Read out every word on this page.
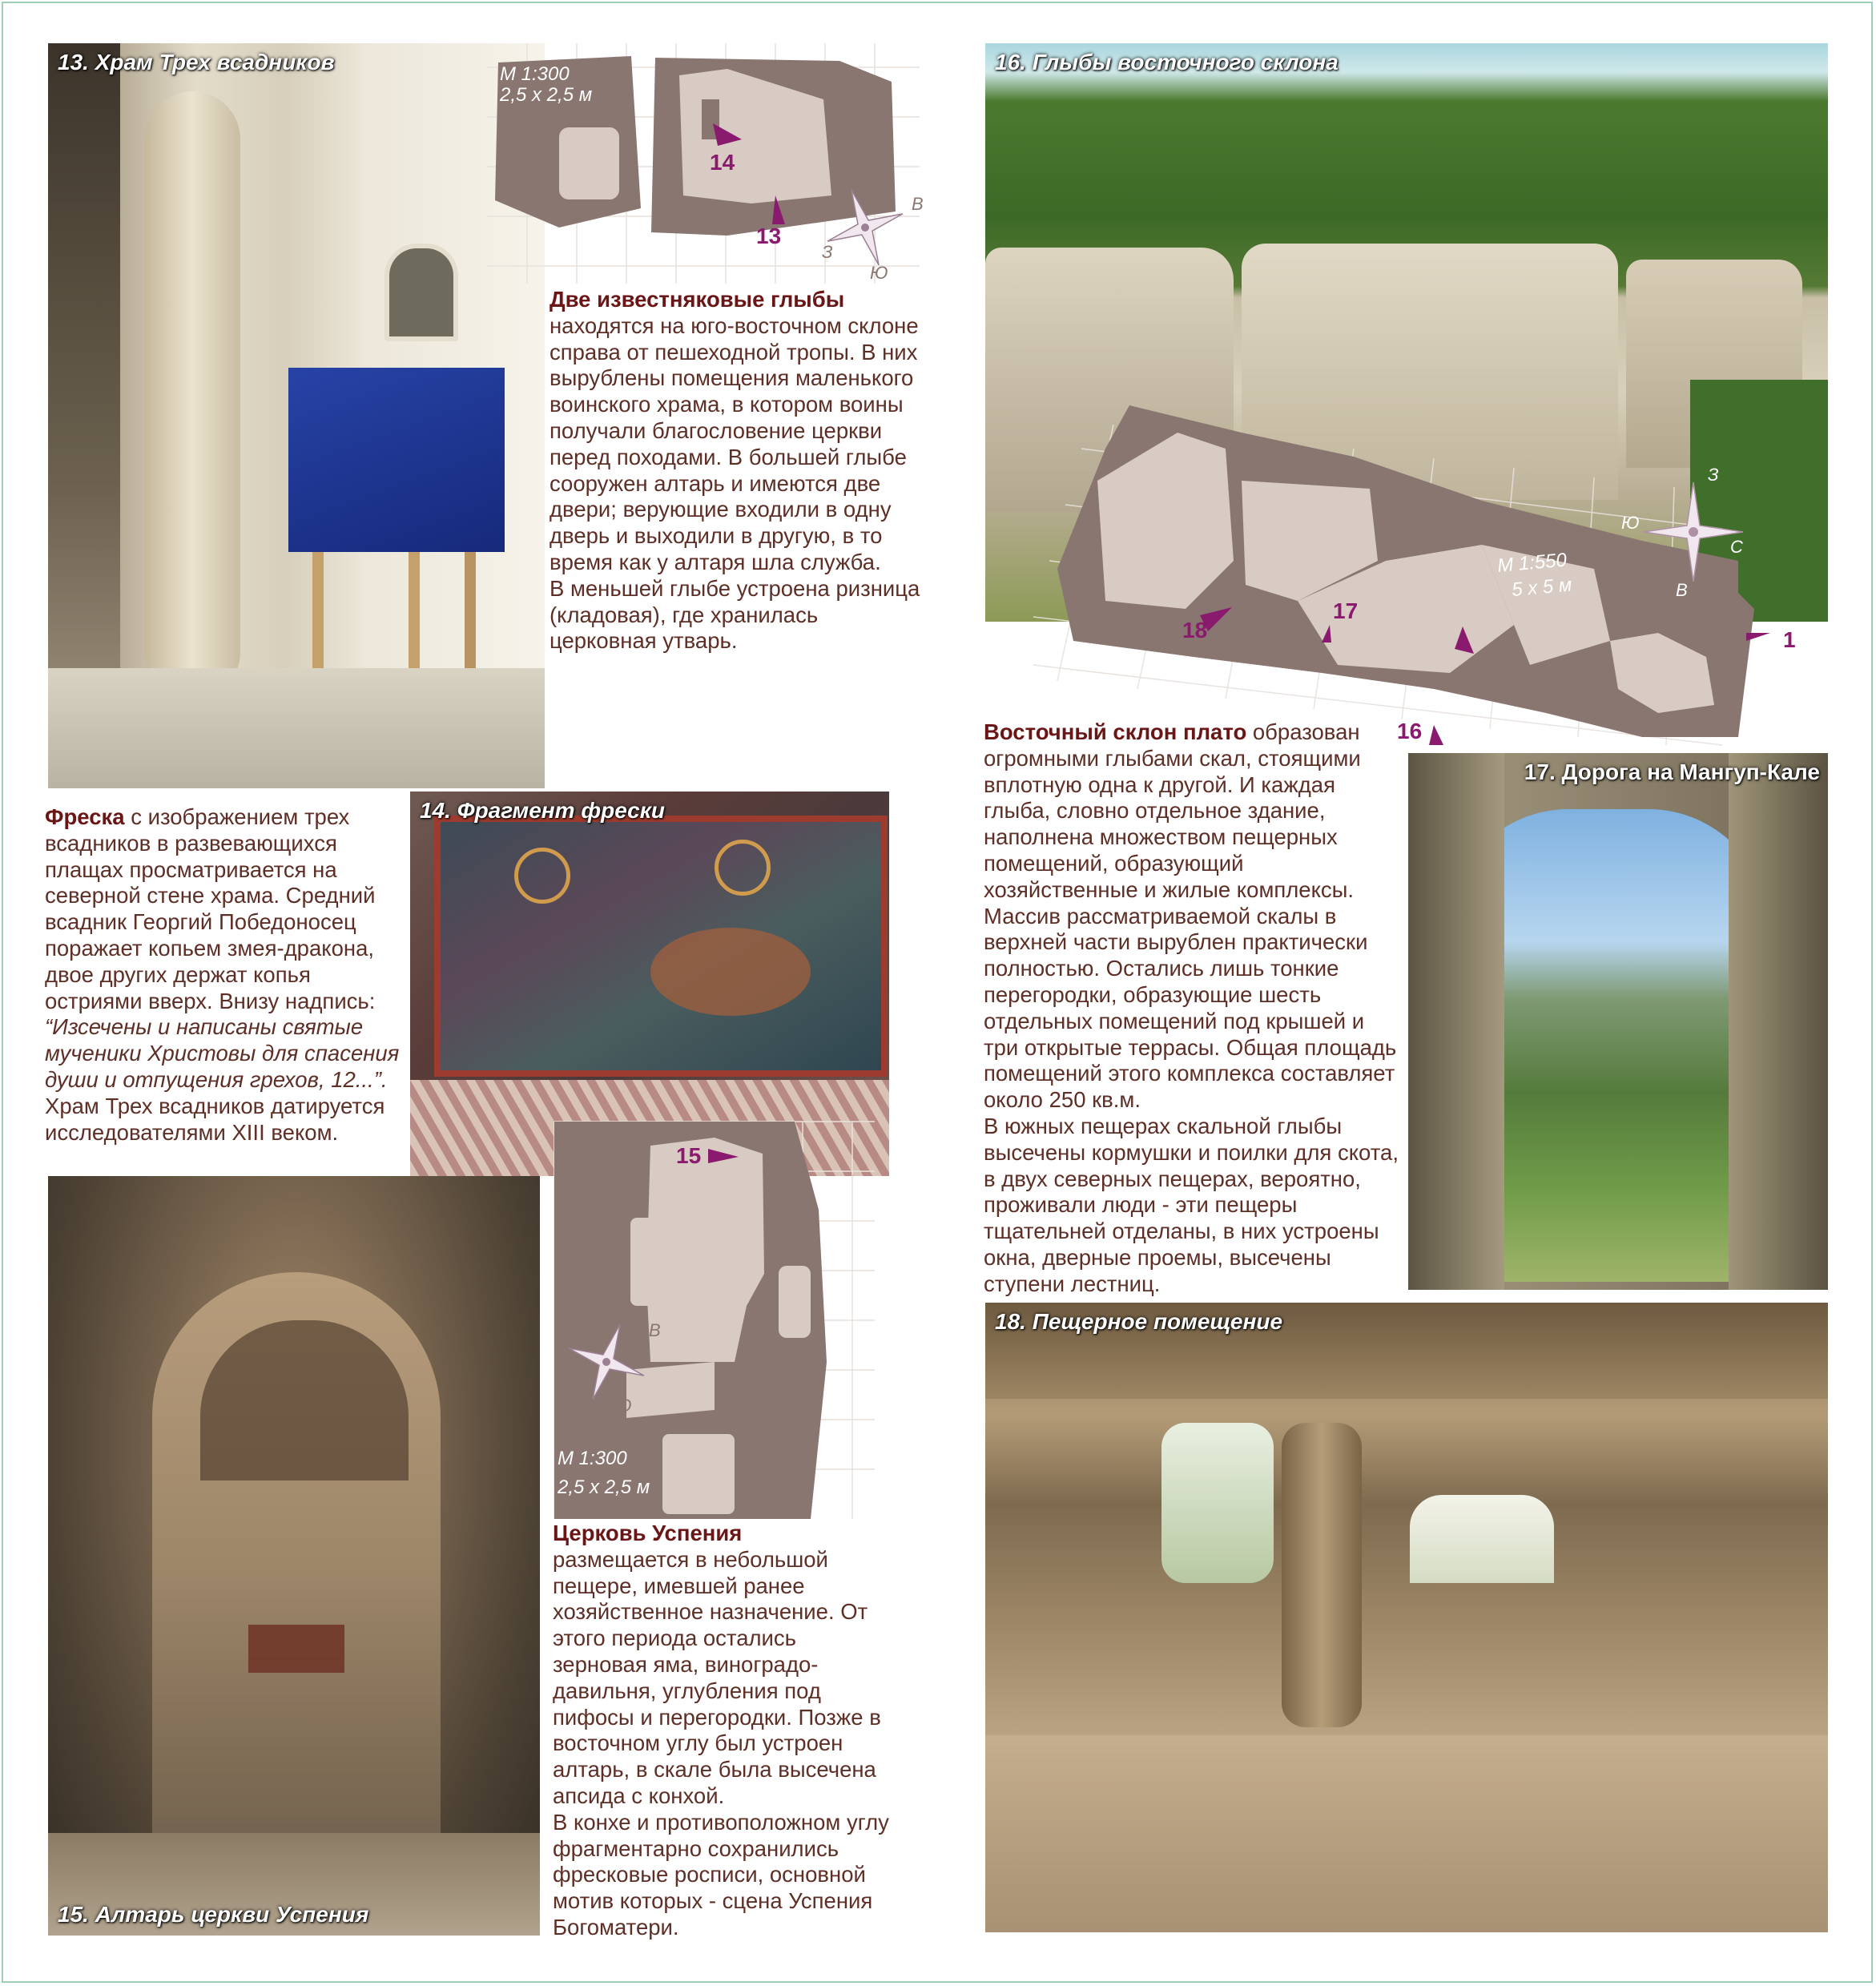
13. Храм Трех всадников
14
13
М 1:300
2,5 х 2,5 м
С
В
Ю
З

Две известняковые глыбы находятся на юго-восточном склоне справа от пешеходной тропы. В них вырублены помещения маленького воинского храма, в котором воины получали благословение церкви перед походами. В большей глыбе сооружен алтарь и имеются две двери; верующие входили в одну дверь и выходили в другую, в то время как у алтаря шла служба.

В меньшей глыбе устроена ризница (кладовая), где хранилась церковная утварь.

Фреска с изображением трех всадников в развевающихся плащах просматривается на северной стене храма. Средний всадник Георгий Победоносец поражает копьем змея-дракона, двое других держат копья остриями вверх. Внизу надпись:

“Изсечены и написаны святые мученики Христовы для спасения души и отпущения грехов, 12...”.

Храм Трех всадников датируется исследователями XIII веком.

14. Фрагмент фрески
15. Алтарь церкви Успения
15
М 1:300
2,5 х 2,5 м
С
В
Ю
З

Церковь Успения

размещается в небольшой пещере, имевшей ранее хозяйственное назначение. От этого периода остались зерновая яма, виноградо-давильня, углубления под пифосы и перегородки. Позже в восточном углу был устроен алтарь, в скале была высечена апсида с конхой.

В конхе и противоположном углу фрагментарно сохранились фресковые росписи, основной мотив которых - сцена Успения Богоматери.

16. Глыбы восточного склона
18
17
16
1
М 1:550
5 х 5 м
З
Ю
С
В

Восточный склон плато образован огромными глыбами скал, стоящими вплотную одна к другой. И каждая глыба, словно отдельное здание, наполнена множеством пещерных помещений, образующий хозяйственные и жилые комплексы. Массив рассматриваемой скалы в верхней части вырублен практически полностью. Остались лишь тонкие перегородки, образующие шесть отдельных помещений под крышей и три открытые террасы. Общая площадь помещений этого комплекса составляет около 250 кв.м.

В южных пещерах скальной глыбы высечены кормушки и поилки для скота, в двух северных пещерах, вероятно, проживали люди - эти пещеры тщательней отделаны, в них устроены окна, дверные проемы, высечены ступени лестниц.

17. Дорога на Мангуп-Кале
18. Пещерное помещение
